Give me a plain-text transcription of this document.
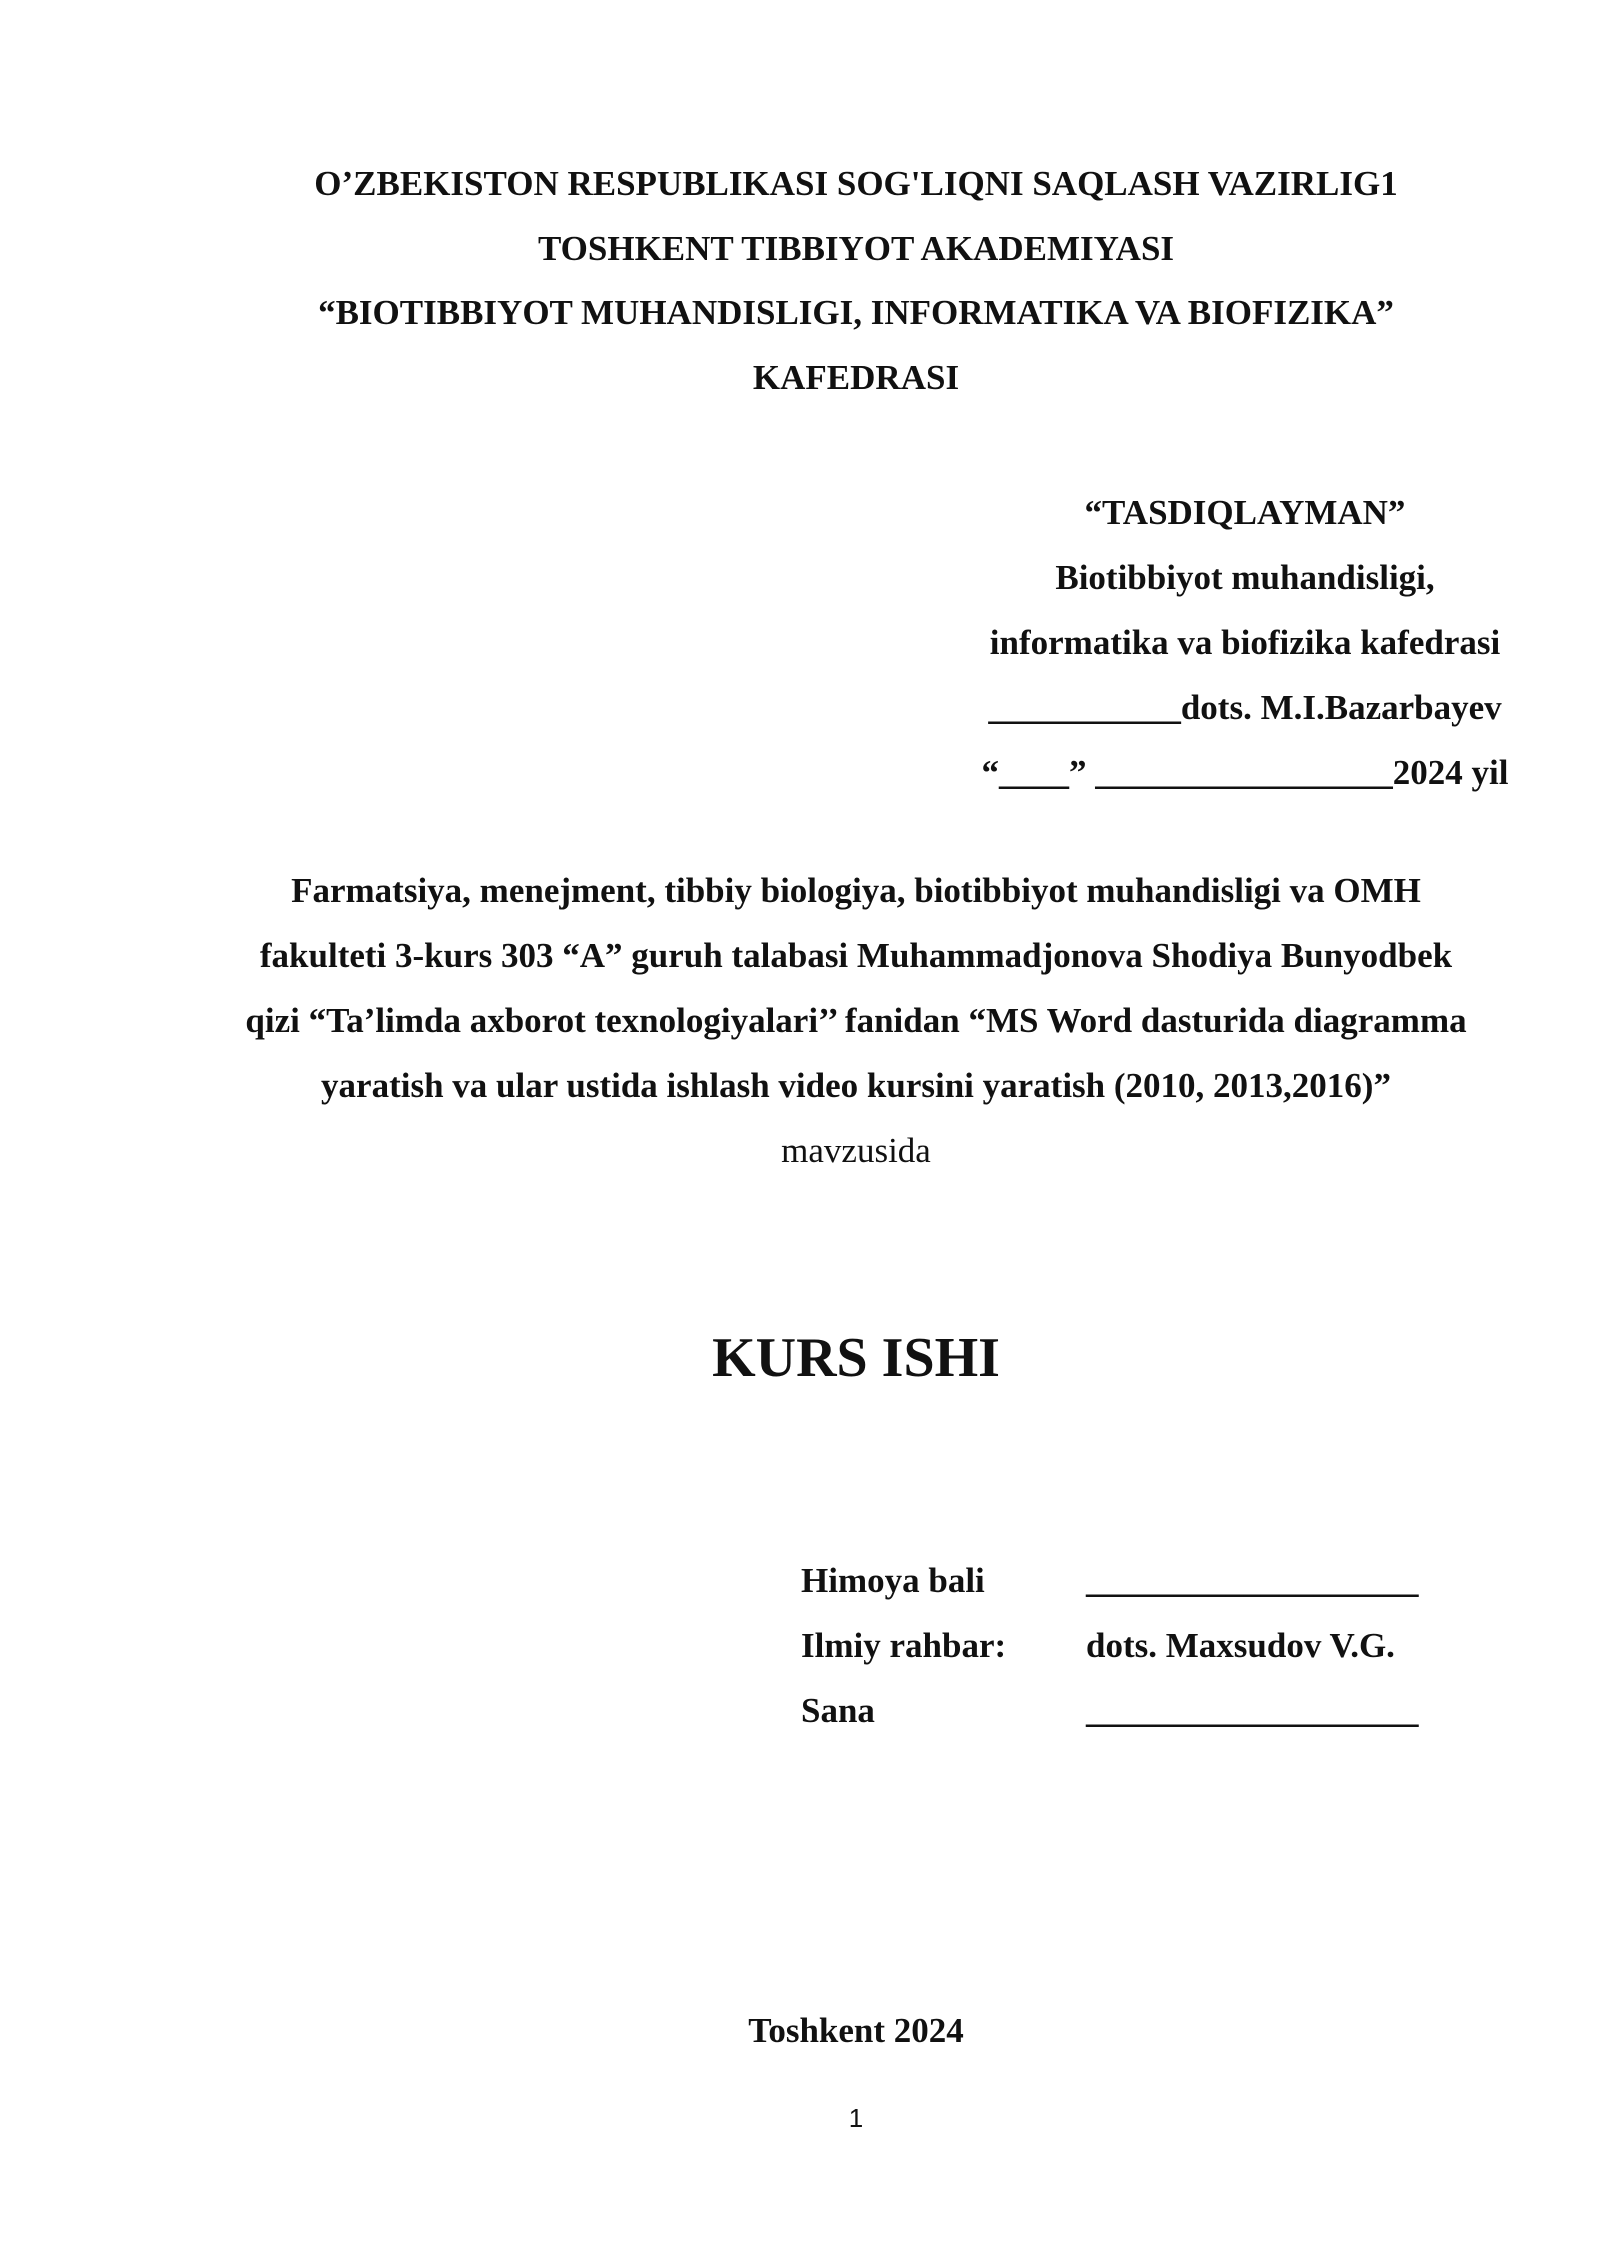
O’ZBEKISTON RESPUBLIKASI SOG'LIQNI SAQLASH VAZIRLIG1
TOSHKENT TIBBIYOT AKADEMIYASI
“BIOTIBBIYOT MUHANDISLIGI, INFORMATIKA VA BIOFIZIKA”
KAFEDRASI
“TASDIQLAYMAN”
Biotibbiyot muhandisligi,
informatika va biofizika kafedrasi
___________dots. M.I.Bazarbayev
“____” _________________2024 yil
Farmatsiya, menejment, tibbiy biologiya, biotibbiyot muhandisligi va OMH fakulteti 3-kurs 303 “A” guruh talabasi Muhammadjonova Shodiya Bunyodbek qizi “Ta’limda axborot texnologiyalari’’ fanidan “MS Word dasturida diagramma yaratish va ular ustida ishlash video kursini yaratish (2010, 2013,2016)”
mavzusida
KURS ISHI
Himoya bali	___________________
Ilmiy rahbar:	dots. Maxsudov V.G.
Sana	___________________
Toshkent 2024
1
